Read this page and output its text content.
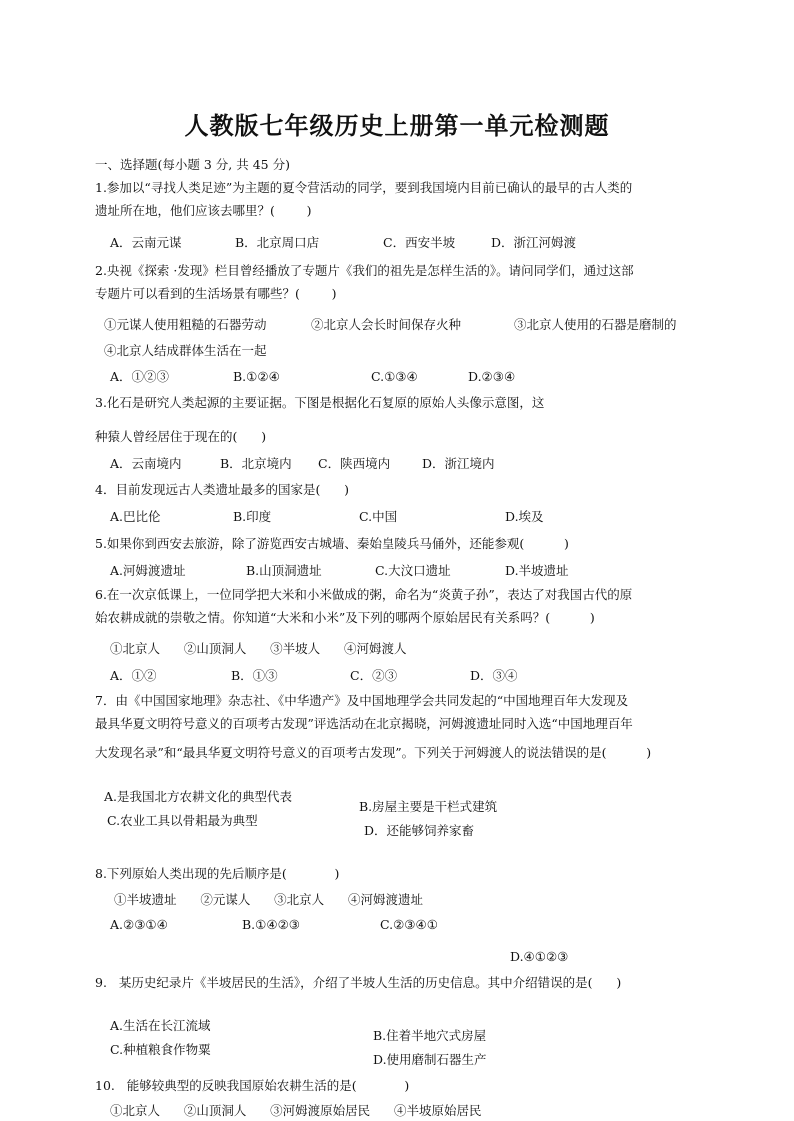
人教版七年级历史上册第一单元检测题
一、选择题(每小题 3 分, 共 45 分)
1.参加以“寻找人类足迹”为主题的夏令营活动的同学，要到我国境内目前已确认的最早的古人类的
遗址所在地，他们应该去哪里？(        )
A．云南元谋	B．北京周口店	C．西安半坡	D．浙江河姆渡
2.央视《探索 ·发现》栏目曾经播放了专题片《我们的祖先是怎样生活的》。请问同学们，通过这部
专题片可以看到的生活场景有哪些？(        )
①元谋人使用粗糙的石器劳动	②北京人会长时间保存火种	③北京人使用的石器是磨制的
④北京人结成群体生活在一起
A．①②③	B.①②④	C.①③④	D.②③④
3.化石是研究人类起源的主要证据。下图是根据化石复原的原始人头像示意图，这
种猿人曾经居住于现在的(      )
A．云南境内	B．北京境内 C．陕西境内	D．浙江境内
4．目前发现远古人类遗址最多的国家是(      )
A.巴比伦	B.印度	C.中国	D.埃及
5.如果你到西安去旅游，除了游览西安古城墙、秦始皇陵兵马俑外，还能参观(          )
A.河姆渡遗址	B.山顶洞遗址	C.大汶口遗址	D.半坡遗址
6.在一次京低课上，一位同学把大米和小米做成的粥，命名为“炎黄子孙”，表达了对我国古代的原
始农耕成就的崇敬之情。你知道“大米和小米”及下列的哪两个原始居民有关系吗？(          )
①北京人      ②山顶洞人      ③半坡人      ④河姆渡人
A．①②	B．①③	C．②③	D．③④
7．由《中国国家地理》杂志社、《中华遗产》及中国地理学会共同发起的“中国地理百年大发现及
最具华夏文明符号意义的百项考古发现”评选活动在北京揭晓，河姆渡遗址同时入选“中国地理百年
大发现名录”和“最具华夏文明符号意义的百项考古发现”。下列关于河姆渡人的说法错误的是(          )
A.是我国北方农耕文化的典型代表
B.房屋主要是干栏式建筑
C.农业工具以骨耜最为典型
D．还能够饲养家畜
8.下列原始人类出现的先后顺序是(            )
①半坡遗址      ②元谋人      ③北京人      ④河姆渡遗址
A.②③①④	B.①④②③	C.②③④①
D.④①②③
9.   某历史纪录片《半坡居民的生活》，介绍了半坡人生活的历史信息。其中介绍错误的是(      )
A.生活在长江流域
B.住着半地穴式房屋
C.种植粮食作物粟
D.使用磨制石器生产
10.   能够较典型的反映我国原始农耕生活的是(            )
①北京人      ②山顶洞人      ③河姆渡原始居民      ④半坡原始居民
